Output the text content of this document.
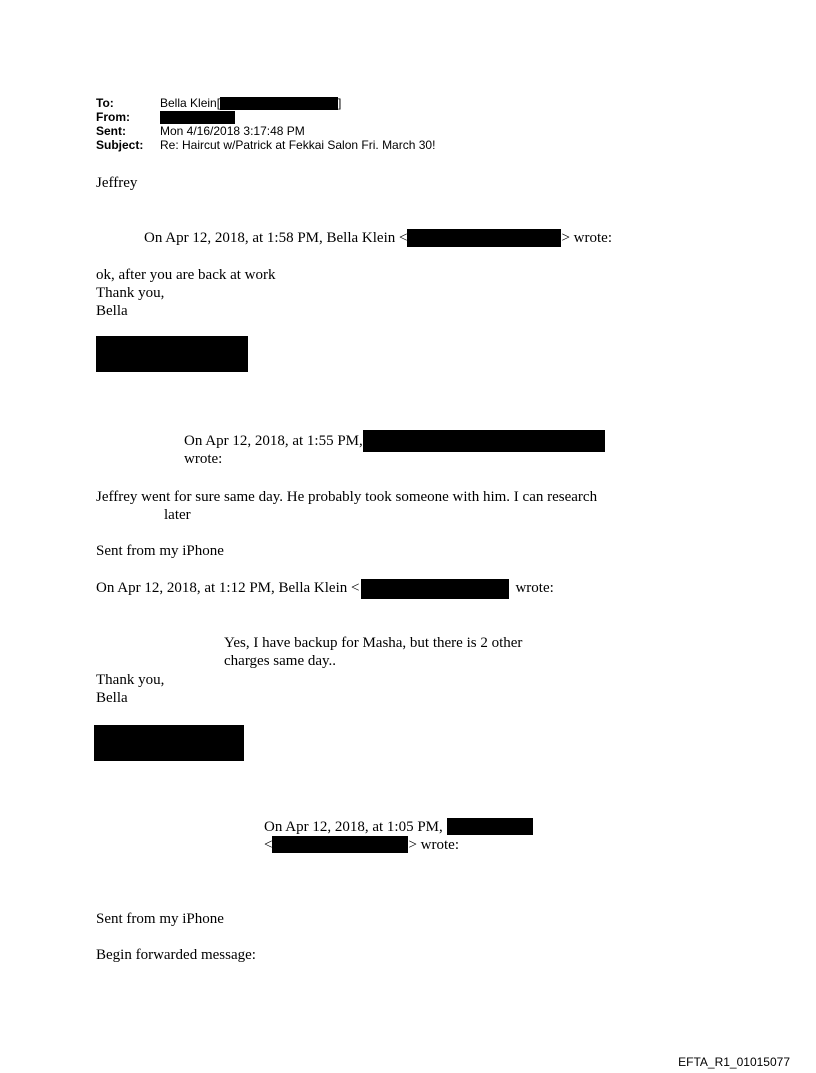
To:	Bella Klein[	]
From:
Sent:	Mon 4/16/2018 3:17:48 PM
Subject: Re: Haircut w/Patrick at Fekkai Salon Fri. March 30!
Jeffrey
On Apr 12, 2018, at 1:58 PM, Bella Klein <	> wrote:
ok, after you are back at work
Thank you,
Bella
On Apr 12, 2018, at 1:55 PM,
wrote:
Jeffrey went for sure same day. He probably took someone with him. I can research
later
Sent from my iPhone
On Apr 12, 2018, at 1:12 PM, Bella Klein <	wrote:
Yes, I have backup for Masha, but there is 2 other
charges same day..
Thank you,
Bella
On Apr 12, 2018, at 1:05 PM,
<	> wrote:
Sent from my iPhone
Begin forwarded message:
EFTA_R1_01015077
